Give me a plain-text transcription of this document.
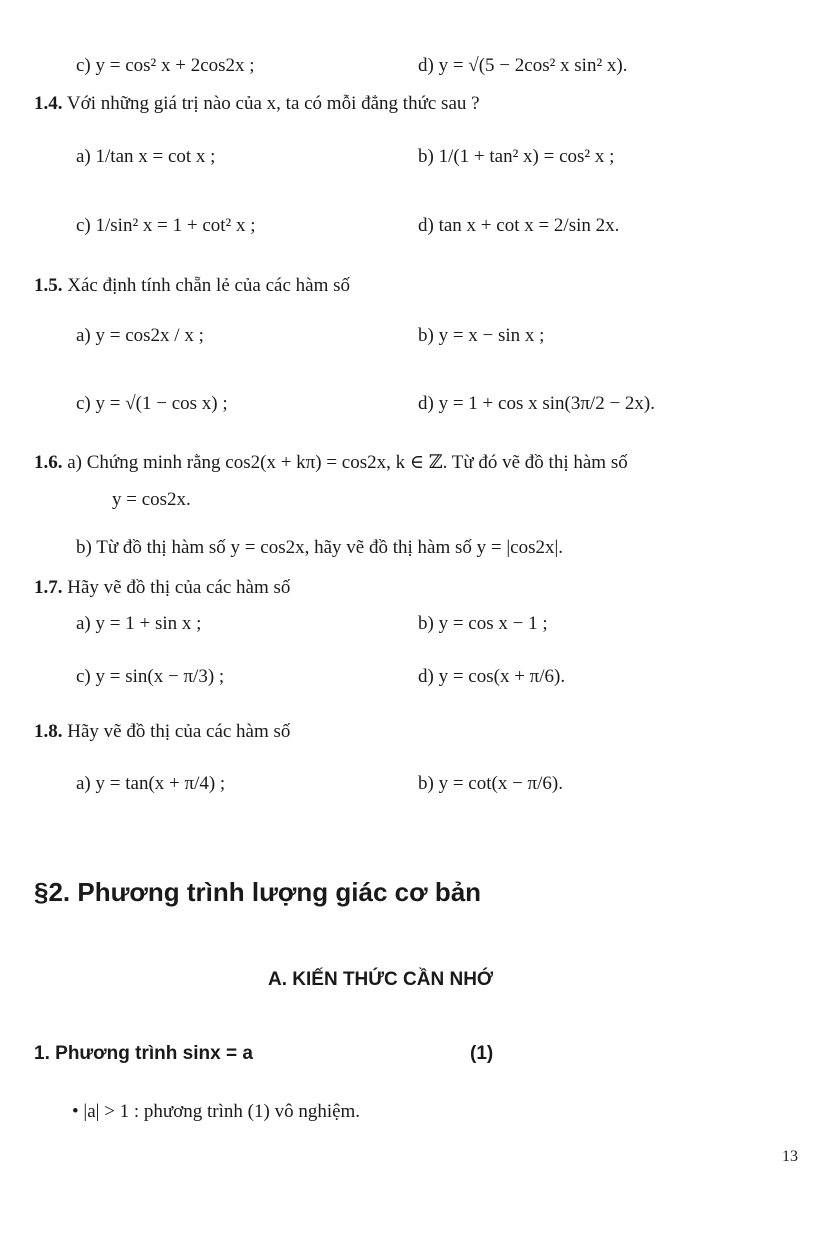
c) y = cos² x + 2cos2x ;	d) y = √(5 − 2cos² x sin² x).
1.4. Với những giá trị nào của x, ta có mỗi đẳng thức sau ?
a) 1/tan x = cot x ;	b) 1/(1 + tan² x) = cos² x ;
c) 1/sin² x = 1 + cot² x ;	d) tan x + cot x = 2/sin 2x.
1.5. Xác định tính chẵn lẻ của các hàm số
a) y = cos2x / x ;	b) y = x − sin x ;
c) y = √(1 − cos x) ;	d) y = 1 + cos x sin(3π/2 − 2x).
1.6. a) Chứng minh rằng cos2(x + kπ) = cos2x, k ∈ ℤ. Từ đó vẽ đồ thị hàm số
y = cos2x.
b) Từ đồ thị hàm số y = cos2x, hãy vẽ đồ thị hàm số y = |cos2x|.
1.7. Hãy vẽ đồ thị của các hàm số
a) y = 1 + sin x ;	b) y = cos x − 1 ;
c) y = sin(x − π/3) ;	d) y = cos(x + π/6).
1.8. Hãy vẽ đồ thị của các hàm số
a) y = tan(x + π/4) ;	b) y = cot(x − π/6).
§2. Phương trình lượng giác cơ bản
A. KIẾN THỨC CẦN NHỚ
1. Phương trình sinx = a	(1)
• |a| > 1 : phương trình (1) vô nghiệm.
13
